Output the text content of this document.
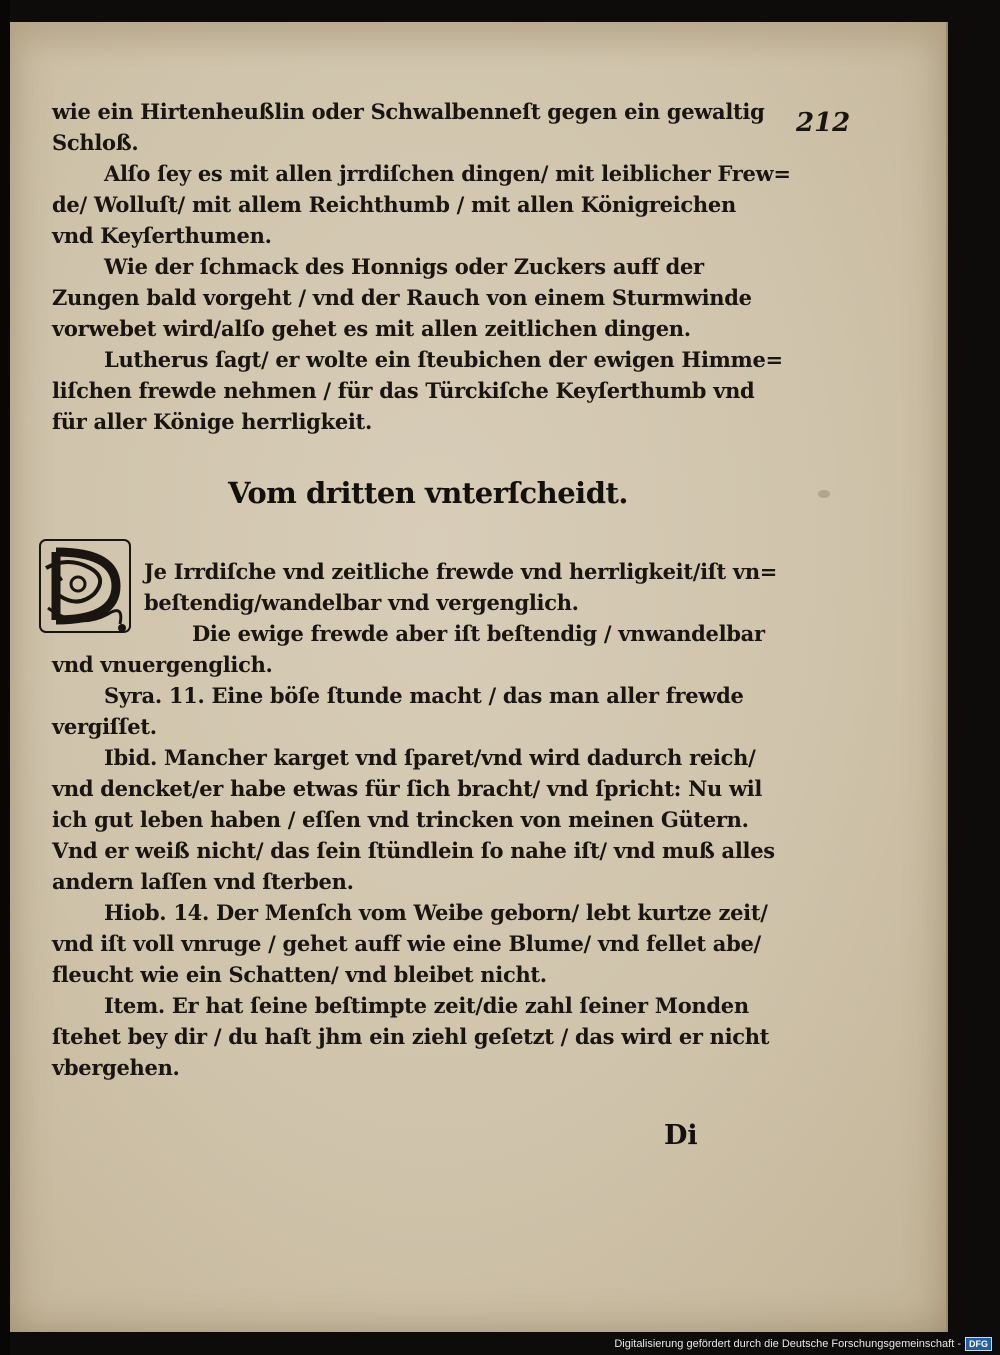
212
wie ein Hirtenheußlin oder Schwalbenneſt gegen ein gewaltig
Schloß.
Alſo ſey es mit allen jrrdiſchen dingen/ mit leiblicher Frew=
de/ Wolluſt/ mit allem Reichthumb / mit allen Königreichen
vnd Keyſerthumen.
Wie der ſchmack des Honnigs oder Zuckers auff der
Zungen bald vorgeht / vnd der Rauch von einem Sturmwinde
vorwebet wird/alſo gehet es mit allen zeitlichen dingen.
Lutherus ſagt/ er wolte ein ſteubichen der ewigen Himme=
liſchen frewde nehmen / für das Türckiſche Keyſerthumb vnd
für aller Könige herrligkeit.
Vom dritten vnterſcheidt.
Je Irrdiſche vnd zeitliche frewde vnd herrligkeit/iſt vn=
beſtendig/wandelbar vnd vergenglich.
Die ewige frewde aber iſt beſtendig / vnwandelbar
vnd vnuergenglich.
Syra. 11. Eine böſe ſtunde macht / das man aller frewde
vergiſſet.
Ibid. Mancher karget vnd ſparet/vnd wird dadurch reich/
vnd dencket/er habe etwas für ſich bracht/ vnd ſpricht: Nu wil
ich gut leben haben / eſſen vnd trincken von meinen Gütern.
Vnd er weiß nicht/ das ſein ſtündlein ſo nahe iſt/ vnd muß alles
andern laſſen vnd ſterben.
Hiob. 14. Der Menſch vom Weibe geborn/ lebt kurtze zeit/
vnd iſt voll vnruge / gehet auff wie eine Blume/ vnd fellet abe/
fleucht wie ein Schatten/ vnd bleibet nicht.
Item. Er hat ſeine beſtimpte zeit/die zahl ſeiner Monden
ſtehet bey dir / du haſt jhm ein ziehl geſetzt / das wird er nicht
vbergehen.
Di
Digitalisierung gefördert durch die Deutsche Forschungsgemeinschaft - DFG
